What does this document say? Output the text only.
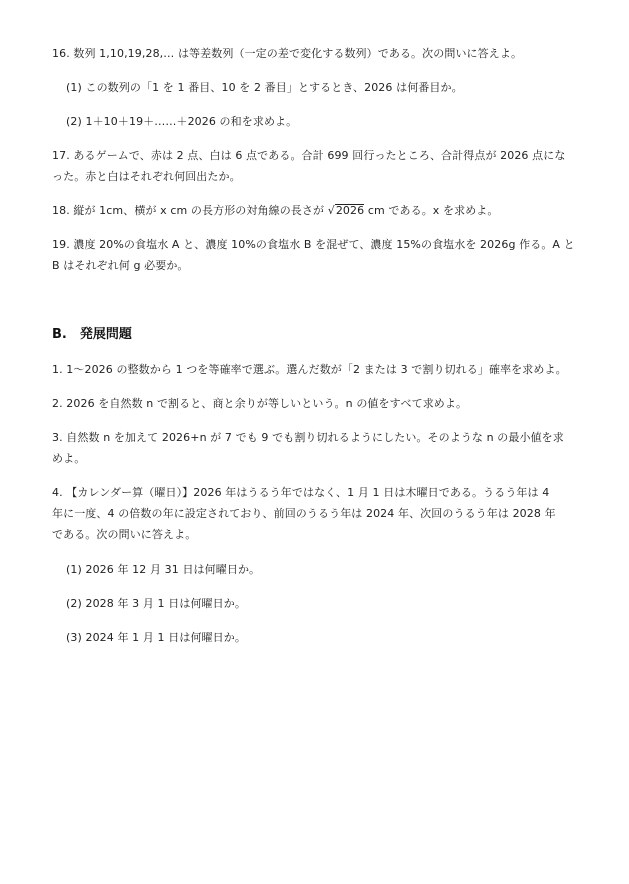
16. 数列 1,10,19,28,… は等差数列（一定の差で変化する数列）である。次の問いに答えよ。
(1) この数列の「1 を 1 番目、10 を 2 番目」とするとき、2026 は何番目か。
(2) 1＋10＋19＋……＋2026 の和を求めよ。
17. あるゲームで、赤は 2 点、白は 6 点である。合計 699 回行ったところ、合計得点が 2026 点にな
った。赤と白はそれぞれ何回出たか。
18. 縦が 1cm、横が x cm の長方形の対角線の長さが √2026 cm である。x を求めよ。
19. 濃度 20%の食塩水 A と、濃度 10%の食塩水 B を混ぜて、濃度 15%の食塩水を 2026g 作る。A と
B はそれぞれ何 g 必要か。
B.　発展問題
1. 1～2026 の整数から 1 つを等確率で選ぶ。選んだ数が「2 または 3 で割り切れる」確率を求めよ。
2. 2026 を自然数 n で割ると、商と余りが等しいという。n の値をすべて求めよ。
3. 自然数 n を加えて 2026+n が 7 でも 9 でも割り切れるようにしたい。そのような n の最小値を求
めよ。
4. 【カレンダー算（曜日）】2026 年はうるう年ではなく、1 月 1 日は木曜日である。うるう年は 4
年に一度、4 の倍数の年に設定されており、前回のうるう年は 2024 年、次回のうるう年は 2028 年
である。次の問いに答えよ。
(1) 2026 年 12 月 31 日は何曜日か。
(2) 2028 年 3 月 1 日は何曜日か。
(3) 2024 年 1 月 1 日は何曜日か。
